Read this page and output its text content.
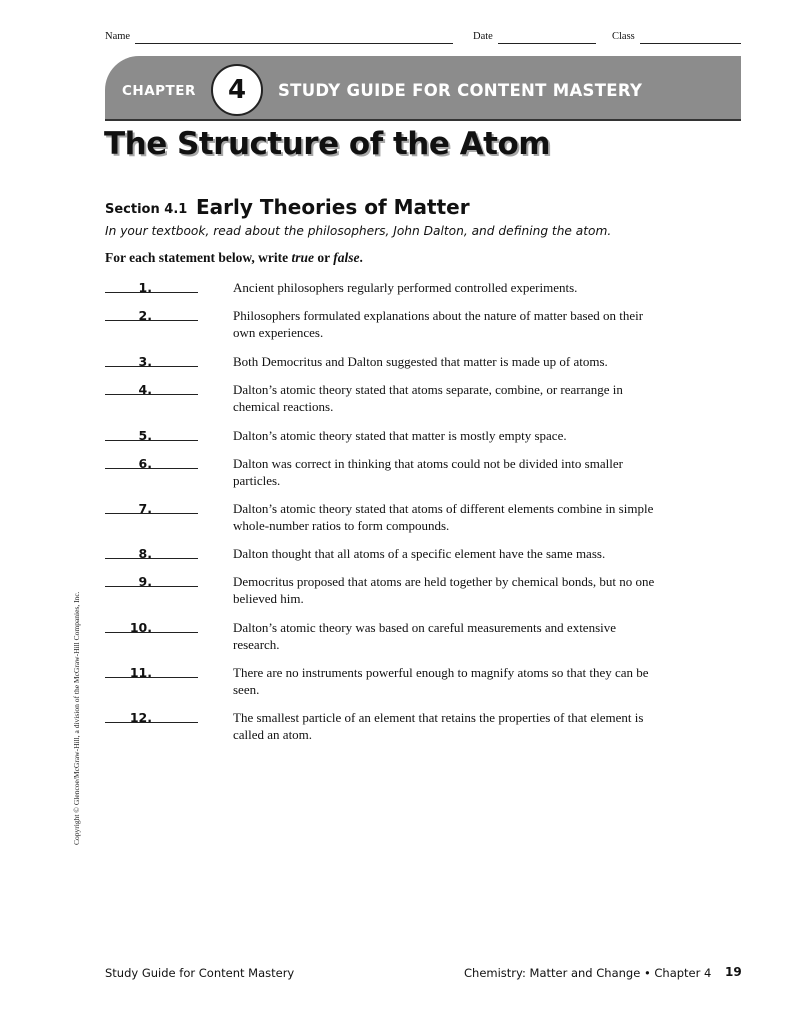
Name	Date	Class
CHAPTER	4	STUDY GUIDE FOR CONTENT MASTERY
The Structure of the Atom
Section 4.1 Early Theories of Matter
In your textbook, read about the philosophers, John Dalton, and defining the atom.
For each statement below, write true or false.
1.	Ancient philosophers regularly performed controlled experiments.
2.	Philosophers formulated explanations about the nature of matter based on their own experiences.
3.	Both Democritus and Dalton suggested that matter is made up of atoms.
4.	Dalton’s atomic theory stated that atoms separate, combine, or rearrange in chemical reactions.
5.	Dalton’s atomic theory stated that matter is mostly empty space.
6.	Dalton was correct in thinking that atoms could not be divided into smaller particles.
7.	Dalton’s atomic theory stated that atoms of different elements combine in simple whole-number ratios to form compounds.
8.	Dalton thought that all atoms of a specific element have the same mass.
9.	Democritus proposed that atoms are held together by chemical bonds, but no one believed him.
10.	Dalton’s atomic theory was based on careful measurements and extensive research.
11.	There are no instruments powerful enough to magnify atoms so that they can be seen.
12.	The smallest particle of an element that retains the properties of that element is called an atom.
Copyright © Glencoe/McGraw-Hill, a division of the McGraw-Hill Companies, Inc.
Study Guide for Content Mastery	Chemistry: Matter and Change • Chapter 4 19
